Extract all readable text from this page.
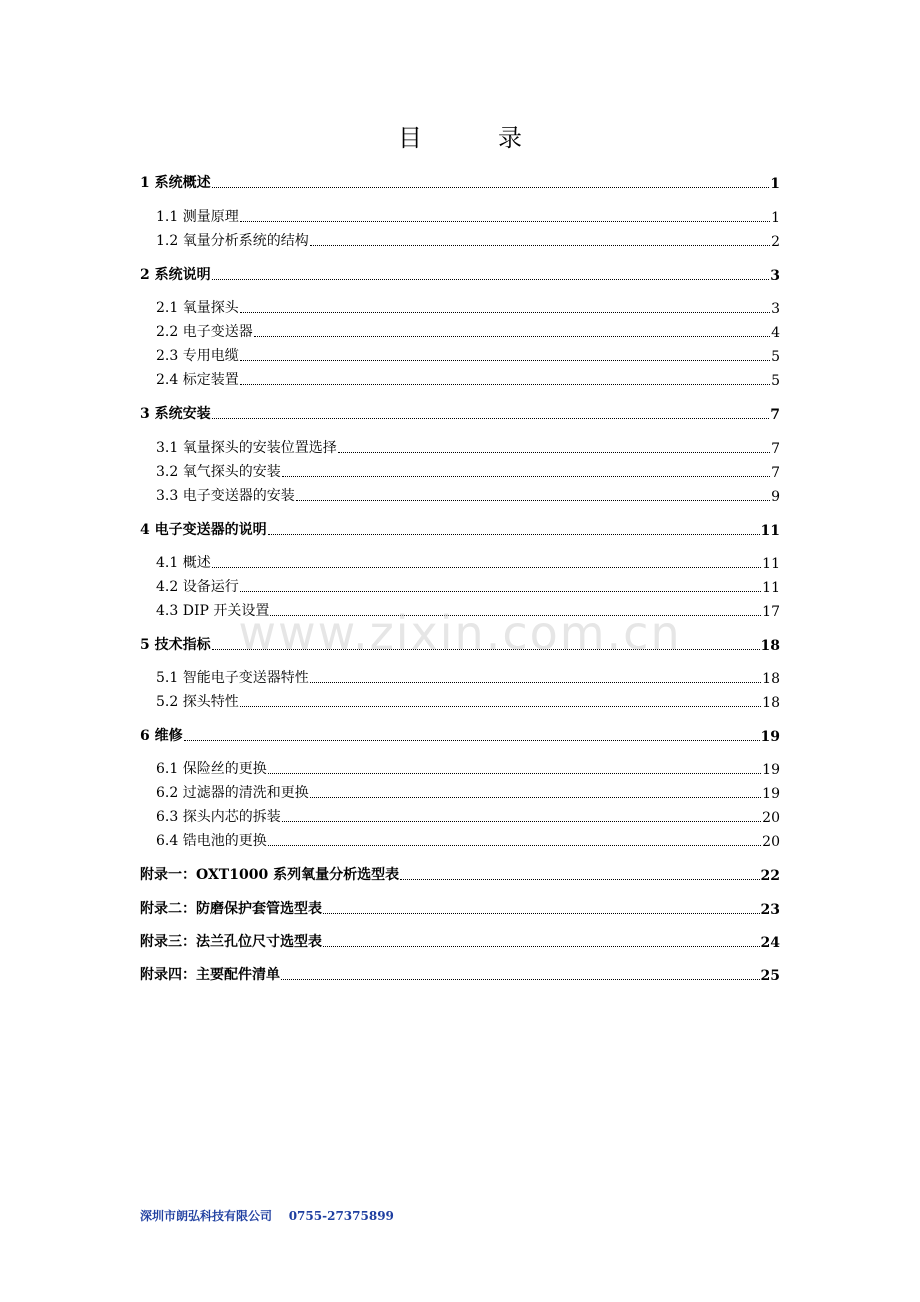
目　录
1 系统概述	1
1.1 测量原理	1
1.2 氧量分析系统的结构	2
2 系统说明	3
2.1 氧量探头	3
2.2 电子变送器	4
2.3 专用电缆	5
2.4 标定装置	5
3 系统安装	7
3.1 氧量探头的安装位置选择	7
3.2 氧气探头的安装	7
3.3 电子变送器的安装	9
4 电子变送器的说明	11
4.1 概述	11
4.2 设备运行	11
4.3 DIP 开关设置	17
5 技术指标	18
5.1 智能电子变送器特性	18
5.2 探头特性	18
6 维修	19
6.1 保险丝的更换	19
6.2 过滤器的清洗和更换	19
6.3 探头内芯的拆装	20
6.4 锆电池的更换	20
附录一：OXT1000 系列氧量分析选型表	22
附录二：防磨保护套管选型表	23
附录三：法兰孔位尺寸选型表	24
附录四：主要配件清单	25
www.zixin.com.cn
深圳市朗弘科技有限公司    0755-27375899
